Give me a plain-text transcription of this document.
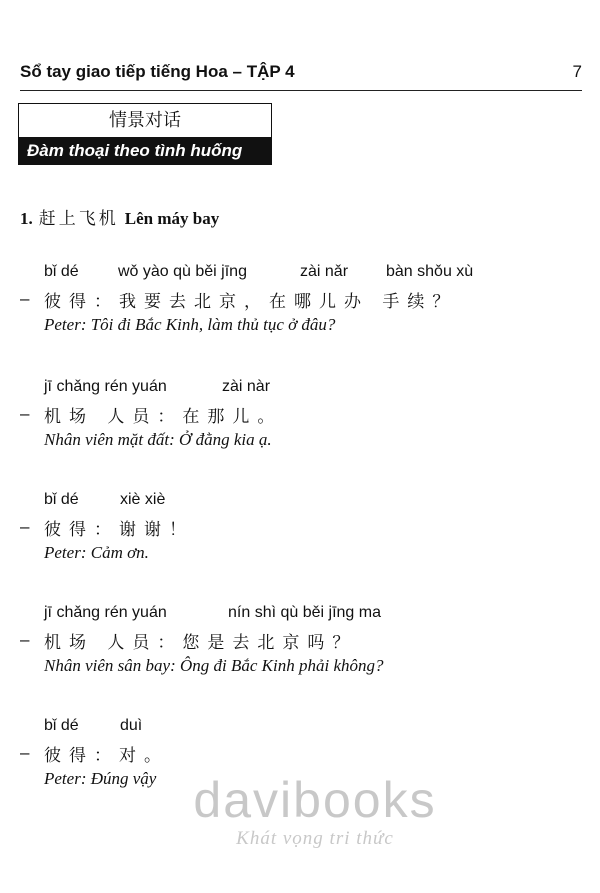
Sổ tay giao tiếp tiếng Hoa – TẬP 4	7
情景对话
Đàm thoại theo tình huống
1. 赶上飞机 Lên máy bay
bǐ dé wǒ yào qù běi jīng	zài nǎr bàn shǒu xù
– 彼得：我要去北京，在哪儿办 手续？
Peter: Tôi đi Bắc Kinh, làm thủ tục ở đâu?
jī chǎng rén yuán	zài nàr
– 机场 人员：在那儿。
Nhân viên mặt đất: Ở đằng kia ạ.
bǐ dé	xiè xiè
– 彼得：谢谢！
Peter: Cảm ơn.
jī chǎng rén yuán	nín shì qù běi jīng ma
– 机场 人员：您是去北京吗？
Nhân viên sân bay: Ông đi Bắc Kinh phải không?
bǐ dé	duì
– 彼得：对。
Peter: Đúng vậy davibooks
Khát vọng tri thức
